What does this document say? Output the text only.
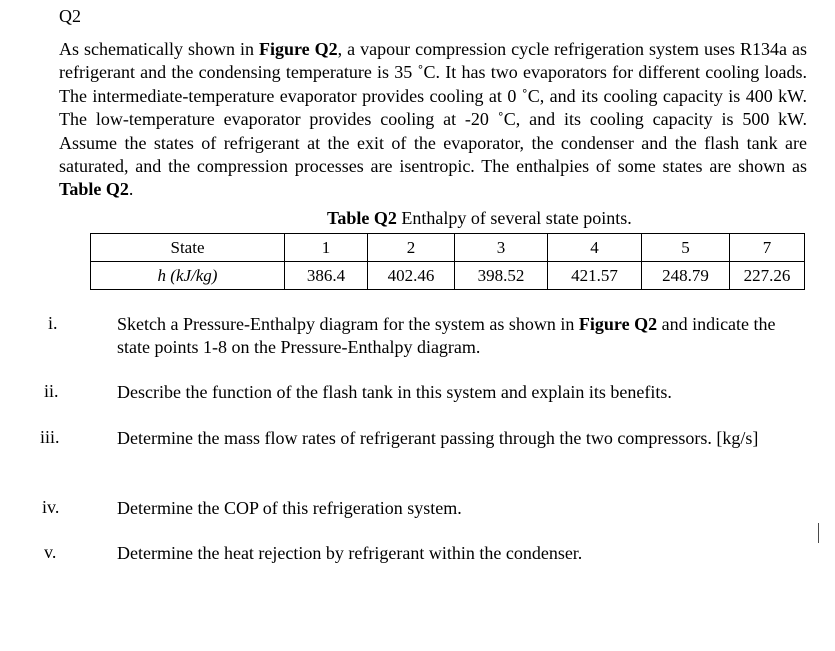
Q2
As schematically shown in Figure Q2, a vapour compression cycle refrigeration system uses R134a as refrigerant and the condensing temperature is 35 ˚C. It has two evaporators for different cooling loads. The intermediate-temperature evaporator provides cooling at 0 ˚C, and its cooling capacity is 400 kW. The low-temperature evaporator provides cooling at -20 ˚C, and its cooling capacity is 500 kW. Assume the states of refrigerant at the exit of the evaporator, the condenser and the flash tank are saturated, and the compression processes are isentropic. The enthalpies of some states are shown as Table Q2.
Table Q2 Enthalpy of several state points.
State	1	2	3	4	5	7
h (kJ/kg)	386.4	402.46	398.52	421.57	248.79	227.26
i.	Sketch a Pressure-Enthalpy diagram for the system as shown in Figure Q2 and indicate the state points 1-8 on the Pressure-Enthalpy diagram.
ii.	Describe the function of the flash tank in this system and explain its benefits.
iii.	Determine the mass flow rates of refrigerant passing through the two compressors. [kg/s]
iv.	Determine the COP of this refrigeration system.
v.	Determine the heat rejection by refrigerant within the condenser.
